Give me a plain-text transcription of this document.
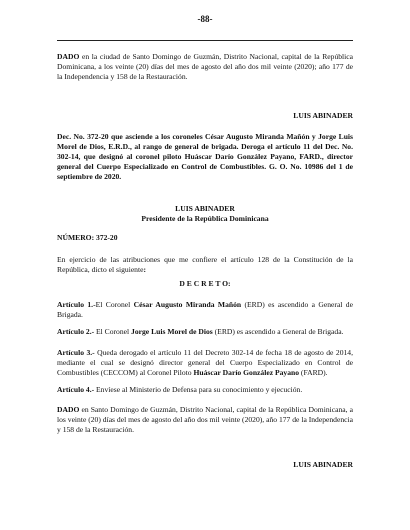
-88-
DADO en la ciudad de Santo Domingo de Guzmán, Distrito Nacional, capital de la República Dominicana, a los veinte (20) días del mes de agosto del año dos mil veinte (2020); año 177 de la Independencia y 158 de la Restauración.
LUIS ABINADER
Dec. No. 372-20 que asciende a los coroneles César Augusto Miranda Mañón y Jorge Luis Morel de Dios, E.R.D., al rango de general de brigada. Deroga el artículo 11 del Dec. No. 302-14, que designó al coronel piloto Huáscar Darío González Payano, FARD., director general del Cuerpo Especializado en Control de Combustibles. G. O. No. 10986 del 1 de septiembre de 2020.
LUIS ABINADER
Presidente de la República Dominicana
NÚMERO: 372-20
En ejercicio de las atribuciones que me confiere el artículo 128 de la Constitución de la República, dicto el siguiente:
D E C R E T O:
Artículo 1.-El Coronel César Augusto Miranda Mañón (ERD) es ascendido a General de Brigada.
Artículo 2.- El Coronel Jorge Luis Morel de Dios (ERD) es ascendido a General de Brigada.
Artículo 3.- Queda derogado el artículo 11 del Decreto 302-14 de fecha 18 de agosto de 2014, mediante el cual se designó director general del Cuerpo Especializado en Control de Combustibles (CECCOM) al Coronel Piloto Huáscar Darío González Payano (FARD).
Artículo 4.- Envíese al Ministerio de Defensa para su conocimiento y ejecución.
DADO en Santo Domingo de Guzmán, Distrito Nacional, capital de la República Dominicana, a los veinte (20) días del mes de agosto del año dos mil veinte (2020), año 177 de la Independencia y 158 de la Restauración.
LUIS ABINADER
